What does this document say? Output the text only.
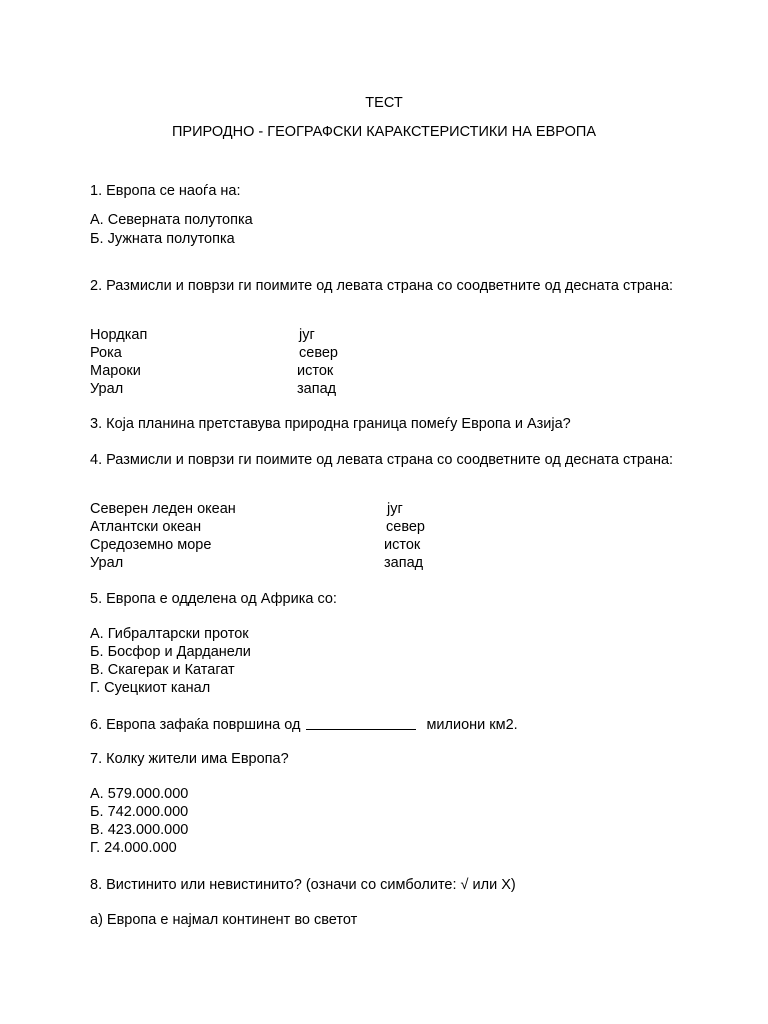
ТЕСТ
ПРИРОДНО - ГЕОГРАФСКИ КАРАКСТЕРИСТИКИ НА ЕВРОПА
1. Европа се наоѓа на:
А. Северната полутопка
Б. Јужната полутопка
2. Размисли и поврзи ги поимите од левата страна со соодветните од десната страна:
Нордкап
Рока
Мароки
Урал
југ
север
исток
запад
3. Која планина претставува природна граница помеѓу Европа и Азија?
4. Размисли и поврзи ги поимите од левата страна со соодветните од десната страна:
Северен леден океан
Атлантски океан
Средоземно море
Урал
југ
север
исток
запад
5. Европа е одделена од Африка со:
А. Гибралтарски проток
Б. Босфор и Дарданели
В. Скагерак и Катагат
Г. Суецкиот канал
6. Европа зафаќа површина од	милиони км2.
7. Колку жители има Европа?
А. 579.000.000
Б. 742.000.000
В. 423.000.000
Г. 24.000.000
8. Вистинито или невистинито? (означи со симболите: √ или Х)
а) Европа е најмал континент во светот
